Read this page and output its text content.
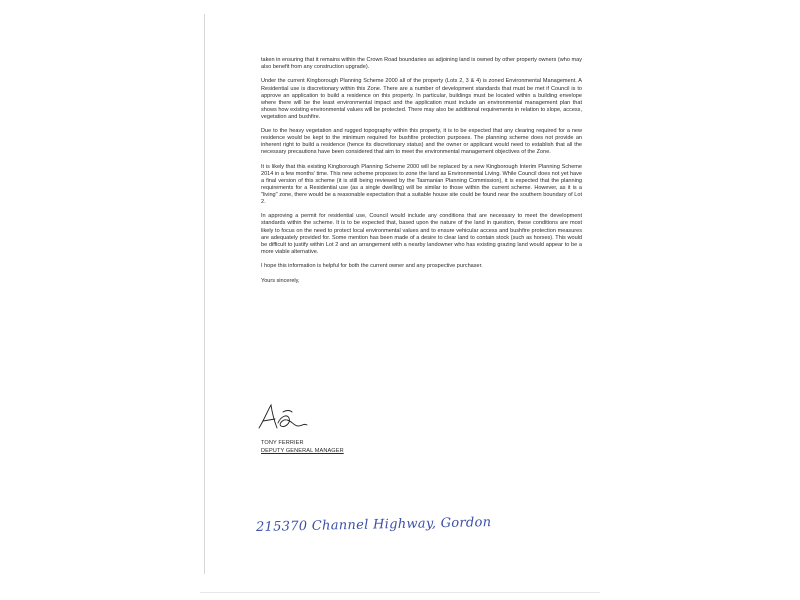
taken in ensuring that it remains within the Crown Road boundaries as adjoining land is owned by other property owners (who may also benefit from any construction upgrade).

Under the current Kingborough Planning Scheme 2000 all of the property (Lots 2, 3 & 4) is zoned Environmental Management. A Residential use is discretionary within this Zone. There are a number of development standards that must be met if Council is to approve an application to build a residence on this property. In particular, buildings must be located within a building envelope where there will be the least environmental impact and the application must include an environmental management plan that shows how existing environmental values will be protected. There may also be additional requirements in relation to slope, access, vegetation and bushfire.

Due to the heavy vegetation and rugged topography within this property, it is to be expected that any clearing required for a new residence would be kept to the minimum required for bushfire protection purposes. The planning scheme does not provide an inherent right to build a residence (hence its discretionary status) and the owner or applicant would need to establish that all the necessary precautions have been considered that aim to meet the environmental management objectives of the Zone.

It is likely that this existing Kingborough Planning Scheme 2000 will be replaced by a new Kingborough Interim Planning Scheme 2014 in a few months' time. This new scheme proposes to zone the land as Environmental Living. While Council does not yet have a final version of this scheme (it is still being reviewed by the Tasmanian Planning Commission), it is expected that the planning requirements for a Residential use (as a single dwelling) will be similar to those within the current scheme. However, as it is a "living" zone, there would be a reasonable expectation that a suitable house site could be found near the southern boundary of Lot 2.

In approving a permit for residential use, Council would include any conditions that are necessary to meet the development standards within the scheme. It is to be expected that, based upon the nature of the land in question, these conditions are most likely to focus on the need to protect local environmental values and to ensure vehicular access and bushfire protection measures are adequately provided for. Some mention has been made of a desire to clear land to contain stock (such as horses). This would be difficult to justify within Lot 2 and an arrangement with a nearby landowner who has existing grazing land would appear to be a more viable alternative.

I hope this information is helpful for both the current owner and any prospective purchaser.

Yours sincerely,

TONY FERRIER
DEPUTY GENERAL MANAGER
215370 Channel Highway, Gordon
